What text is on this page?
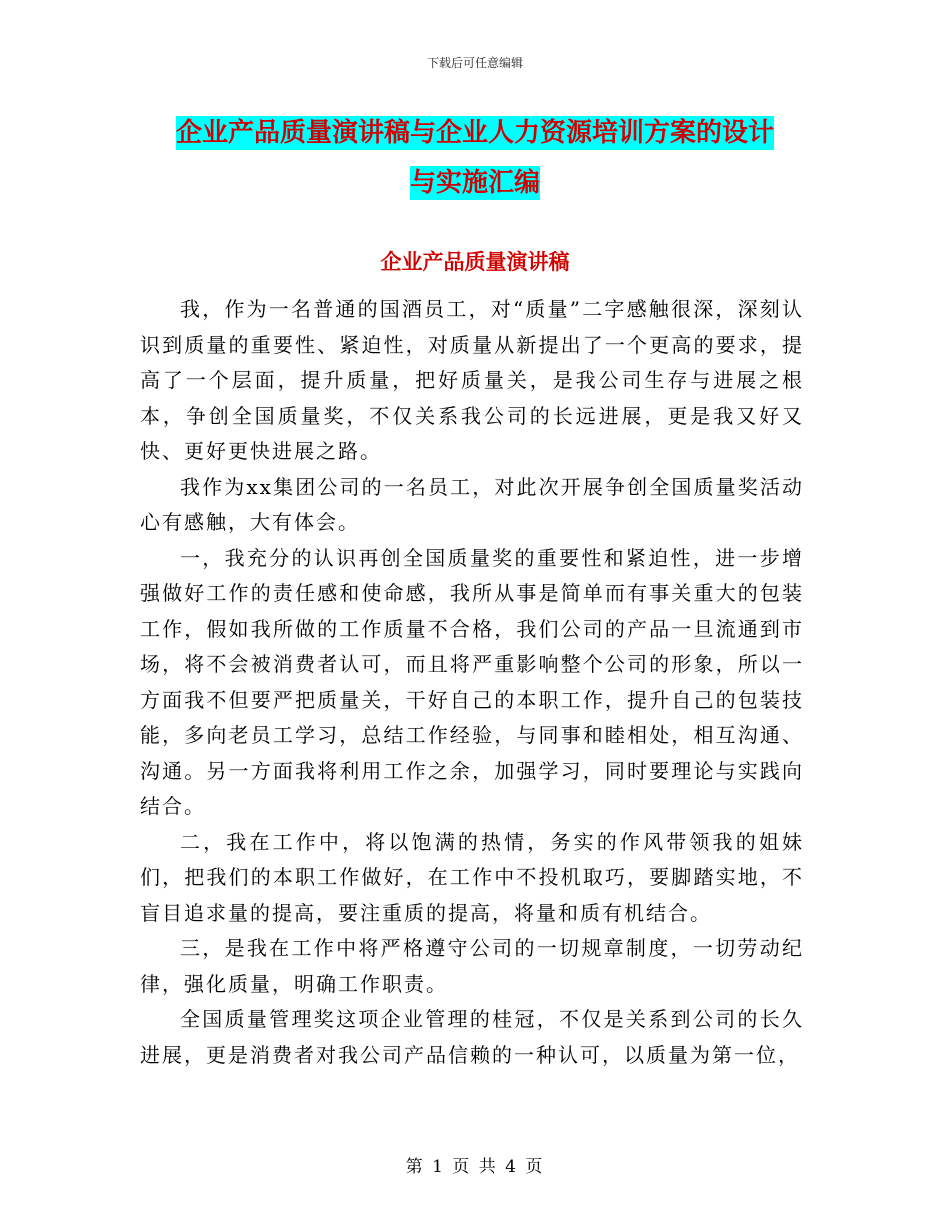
下载后可任意编辑
企业产品质量演讲稿与企业人力资源培训方案的设计
与实施汇编
企业产品质量演讲稿

我，作为一名普通的国酒员工，对“质量”二字感触很深，深刻认识到质量的重要性、紧迫性，对质量从新提出了一个更高的要求，提高了一个层面，提升质量，把好质量关，是我公司生存与进展之根本，争创全国质量奖，不仅关系我公司的长远进展，更是我又好又快、更好更快进展之路。

我作为xx集团公司的一名员工，对此次开展争创全国质量奖活动心有感触，大有体会。

一，我充分的认识再创全国质量奖的重要性和紧迫性，进一步增强做好工作的责任感和使命感，我所从事是简单而有事关重大的包装工作，假如我所做的工作质量不合格，我们公司的产品一旦流通到市场，将不会被消费者认可，而且将严重影响整个公司的形象，所以一方面我不但要严把质量关，干好自己的本职工作，提升自己的包装技能，多向老员工学习，总结工作经验，与同事和睦相处，相互沟通、沟通。另一方面我将利用工作之余，加强学习，同时要理论与实践向结合。

二，我在工作中，将以饱满的热情，务实的作风带领我的姐妹们，把我们的本职工作做好，在工作中不投机取巧，要脚踏实地，不盲目追求量的提高，要注重质的提高，将量和质有机结合。

三，是我在工作中将严格遵守公司的一切规章制度，一切劳动纪律，强化质量，明确工作职责。

全国质量管理奖这项企业管理的桂冠，不仅是关系到公司的长久进展，更是消费者对我公司产品信赖的一种认可，以质量为第一位，

第 1 页 共 4 页
